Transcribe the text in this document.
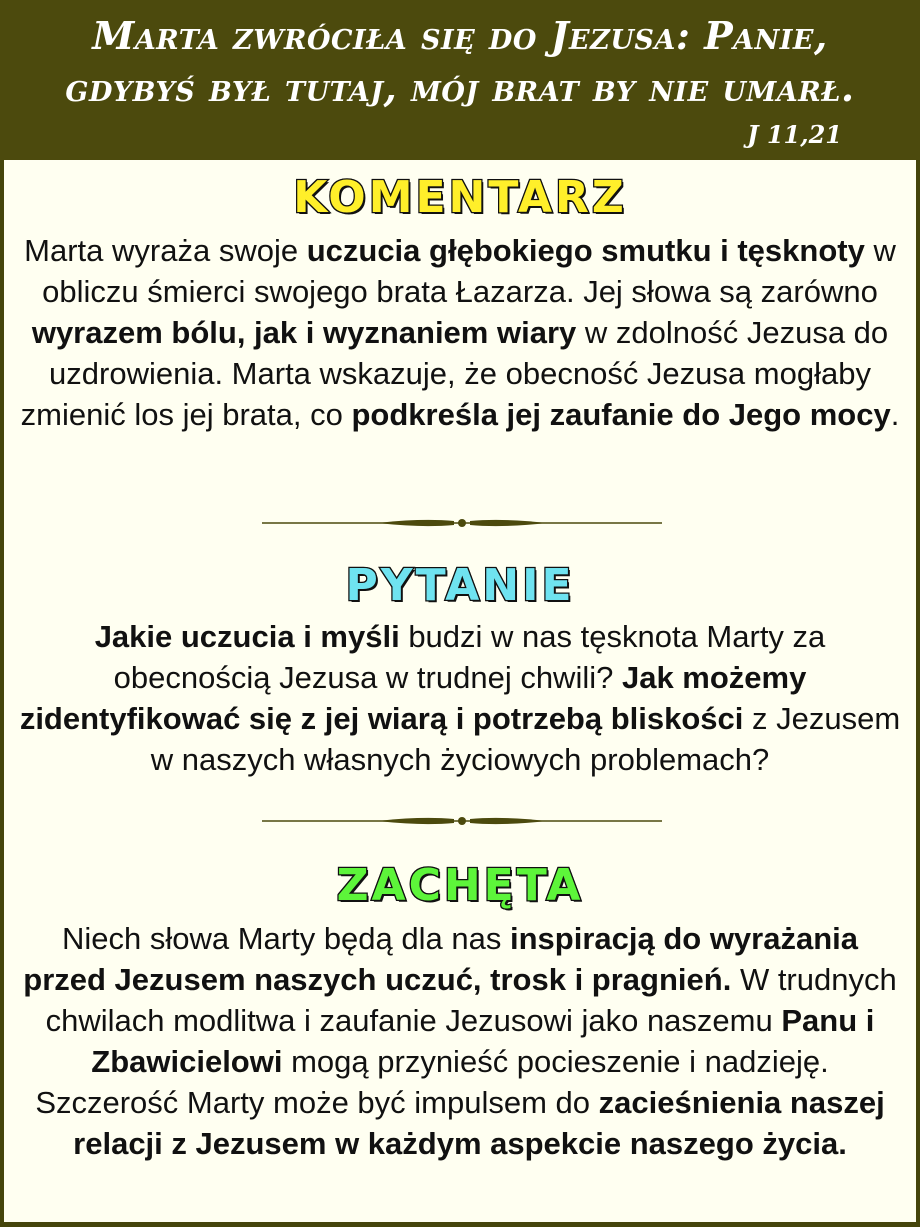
Marta zwróciła się do Jezusa: Panie,
gdybyś był tutaj, mój brat by nie umarł.
J 11,21
KOMENTARZ
Marta wyraża swoje uczucia głębokiego smutku i tęsknoty w obliczu śmierci swojego brata Łazarza. Jej słowa są zarówno wyrazem bólu, jak i wyznaniem wiary w zdolność Jezusa do uzdrowienia. Marta wskazuje, że obecność Jezusa mogłaby zmienić los jej brata, co podkreśla jej zaufanie do Jego mocy.
PYTANIE
Jakie uczucia i myśli budzi w nas tęsknota Marty za obecnością Jezusa w trudnej chwili? Jak możemy zidentyfikować się z jej wiarą i potrzebą bliskości z Jezusem w naszych własnych życiowych problemach?
ZACHĘTA
Niech słowa Marty będą dla nas inspiracją do wyrażania przed Jezusem naszych uczuć, trosk i pragnień. W trudnych chwilach modlitwa i zaufanie Jezusowi jako naszemu Panu i Zbawicielowi mogą przynieść pocieszenie i nadzieję. Szczerość Marty może być impulsem do zacieśnienia naszej relacji z Jezusem w każdym aspekcie naszego życia.
